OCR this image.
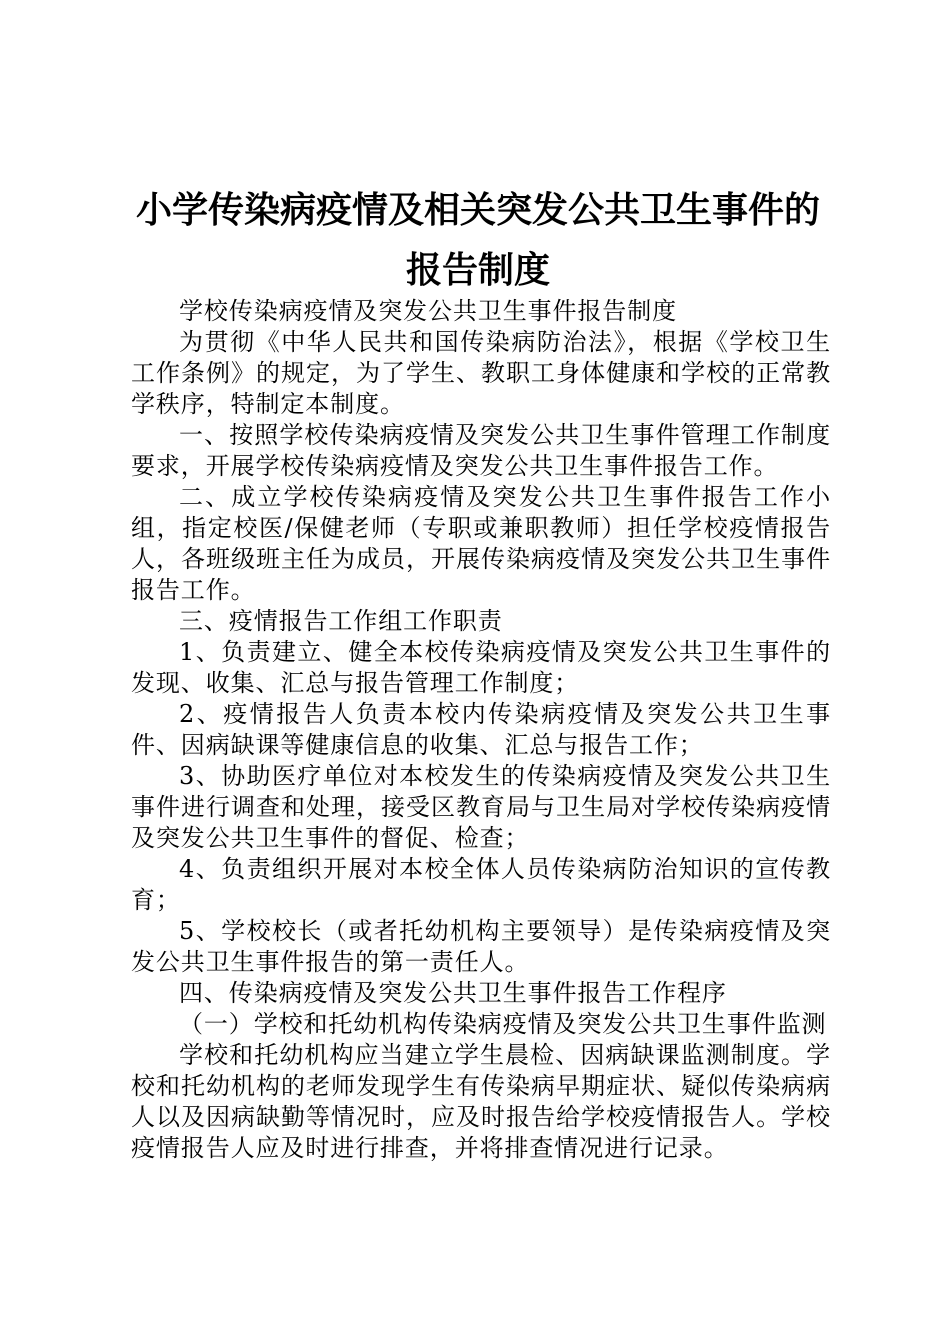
小学传染病疫情及相关突发公共卫生事件的报告制度

学校传染病疫情及突发公共卫生事件报告制度

为贯彻《中华人民共和国传染病防治法》，根据《学校卫生工作条例》的规定，为了学生、教职工身体健康和学校的正常教学秩序，特制定本制度。

一、按照学校传染病疫情及突发公共卫生事件管理工作制度要求，开展学校传染病疫情及突发公共卫生事件报告工作。

二、成立学校传染病疫情及突发公共卫生事件报告工作小组，指定校医/保健老师（专职或兼职教师）担任学校疫情报告人，各班级班主任为成员，开展传染病疫情及突发公共卫生事件报告工作。

三、疫情报告工作组工作职责

1、负责建立、健全本校传染病疫情及突发公共卫生事件的发现、收集、汇总与报告管理工作制度；

2、疫情报告人负责本校内传染病疫情及突发公共卫生事件、因病缺课等健康信息的收集、汇总与报告工作；

3、协助医疗单位对本校发生的传染病疫情及突发公共卫生事件进行调查和处理，接受区教育局与卫生局对学校传染病疫情及突发公共卫生事件的督促、检查；

4、负责组织开展对本校全体人员传染病防治知识的宣传教育；

5、学校校长（或者托幼机构主要领导）是传染病疫情及突发公共卫生事件报告的第一责任人。

四、传染病疫情及突发公共卫生事件报告工作程序

（一）学校和托幼机构传染病疫情及突发公共卫生事件监测

学校和托幼机构应当建立学生晨检、因病缺课监测制度。学校和托幼机构的老师发现学生有传染病早期症状、疑似传染病病人以及因病缺勤等情况时，应及时报告给学校疫情报告人。学校疫情报告人应及时进行排查，并将排查情况进行记录。
